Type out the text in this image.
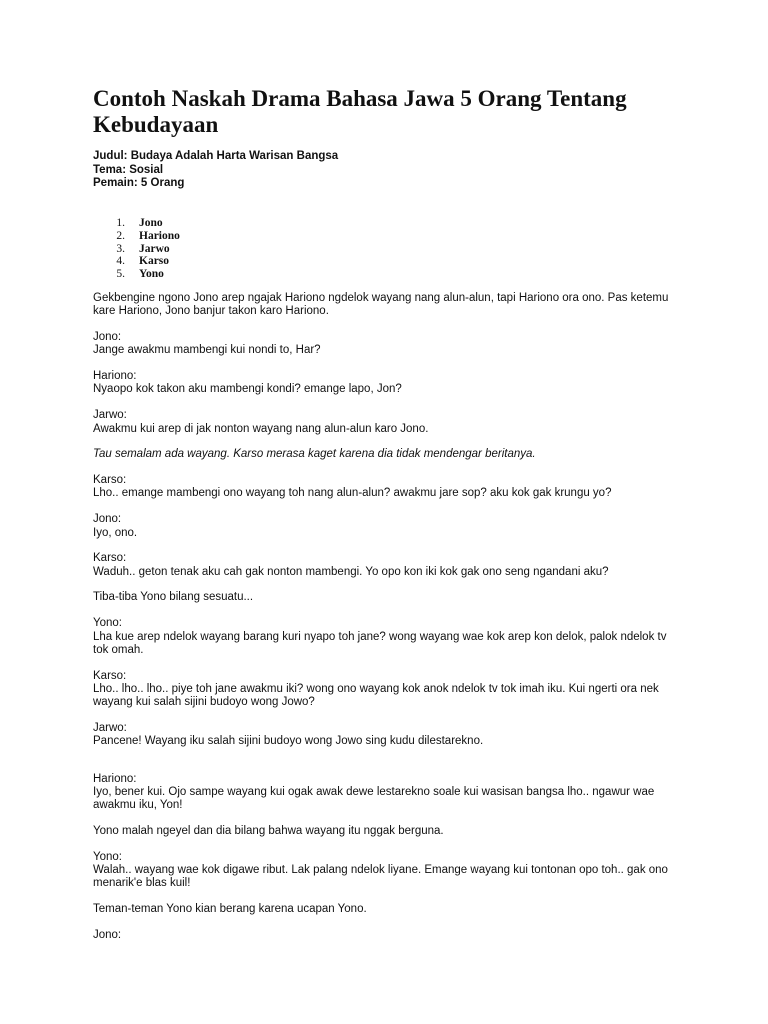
Contoh Naskah Drama Bahasa Jawa 5 Orang Tentang Kebudayaan
Judul: Budaya Adalah Harta Warisan Bangsa
Tema: Sosial
Pemain: 5 Orang
1.	Jono
2.	Hariono
3.	Jarwo
4.	Karso
5.	Yono
Gekbengine ngono Jono arep ngajak Hariono ngdelok wayang nang alun-alun, tapi Hariono ora ono. Pas ketemu kare Hariono, Jono banjur takon karo Hariono.
Jono:
Jange awakmu mambengi kui nondi to, Har?
Hariono:
Nyaopo kok takon aku mambengi kondi? emange lapo, Jon?
Jarwo:
Awakmu kui arep di jak nonton wayang nang alun-alun karo Jono.
Tau semalam ada wayang. Karso merasa kaget karena dia tidak mendengar beritanya.
Karso:
Lho.. emange mambengi ono wayang toh nang alun-alun? awakmu jare sop? aku kok gak krungu yo?
Jono:
Iyo, ono.
Karso:
Waduh.. geton tenak aku cah gak nonton mambengi. Yo opo kon iki kok gak ono seng ngandani aku?
Tiba-tiba Yono bilang sesuatu...
Yono:
Lha kue arep ndelok wayang barang kuri nyapo toh jane? wong wayang wae kok arep kon delok, palok ndelok tv tok omah.
Karso:
Lho.. lho.. lho.. piye toh jane awakmu iki? wong ono wayang kok anok ndelok tv tok imah iku. Kui ngerti ora nek wayang kui salah sijini budoyo wong Jowo?
Jarwo:
Pancene! Wayang iku salah sijini budoyo wong Jowo sing kudu dilestarekno.
Hariono:
Iyo, bener kui. Ojo sampe wayang kui ogak awak dewe lestarekno soale kui wasisan bangsa lho.. ngawur wae awakmu iku, Yon!
Yono malah ngeyel dan dia bilang bahwa wayang itu nggak berguna.
Yono:
Walah.. wayang wae kok digawe ribut. Lak palang ndelok liyane. Emange wayang kui tontonan opo toh.. gak ono menarik'e blas kuil!
Teman-teman Yono kian berang karena ucapan Yono.
Jono:
